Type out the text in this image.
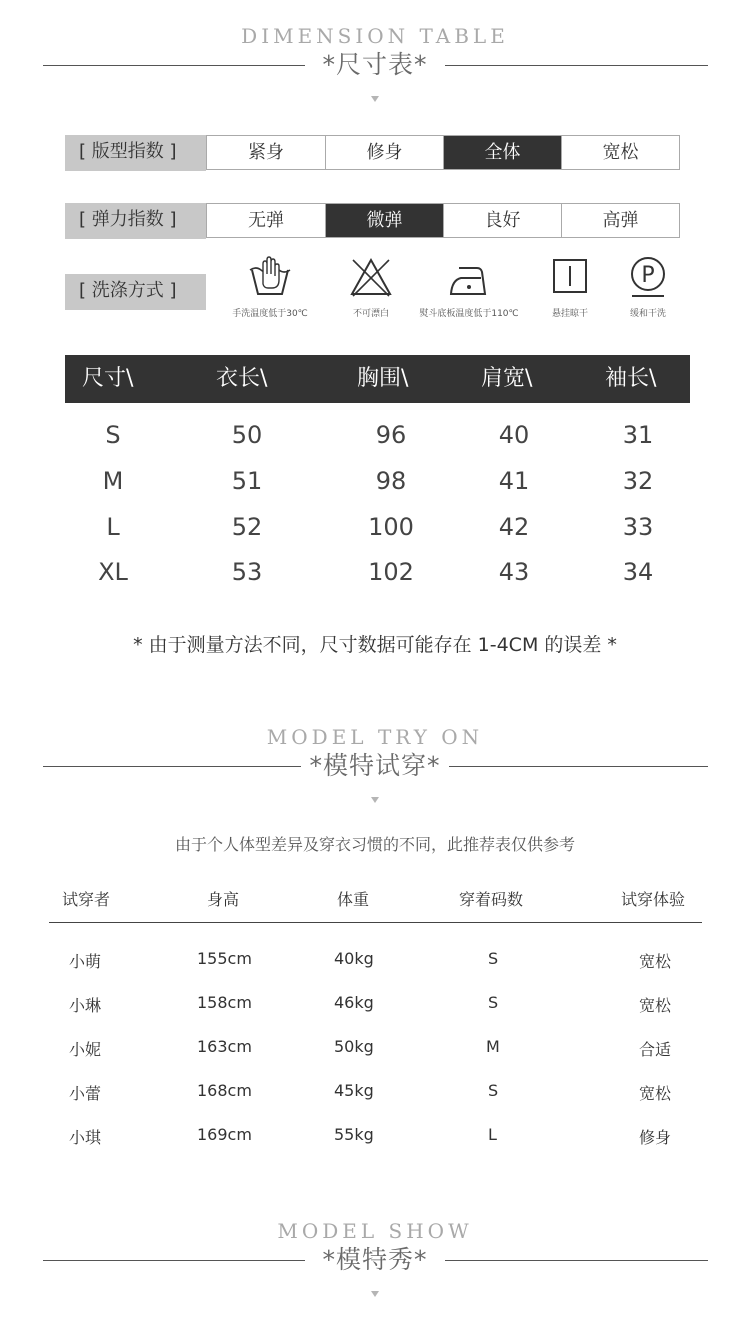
DIMENSION TABLE
*尺寸表*
[ 版型指数 ]	紧身	修身	全体	宽松
[ 弹力指数 ]	无弹	微弹	良好	高弹
[ 洗涤方式 ]
手洗温度低于30℃	不可漂白	熨斗底板温度低于110℃	悬挂晾干
P
缓和干洗
尺寸\	衣长\	胸围\	肩宽\	袖长\
S	50	96	40	31
M	51	98	41	32
L	52	100	42	33
XL	53	102	43	34
* 由于测量方法不同，尺寸数据可能存在 1-4CM 的误差 *
MODEL TRY ON
*模特试穿*
由于个人体型差异及穿衣习惯的不同，此推荐表仅供参考
试穿者	身高	体重	穿着码数	试穿体验
小萌	155cm	40kg	S	宽松
小琳	158cm	46kg	S	宽松
小妮	163cm	50kg	M	合适
小蕾	168cm	45kg	S	宽松
小琪	169cm	55kg	L	修身
MODEL SHOW
*模特秀*
